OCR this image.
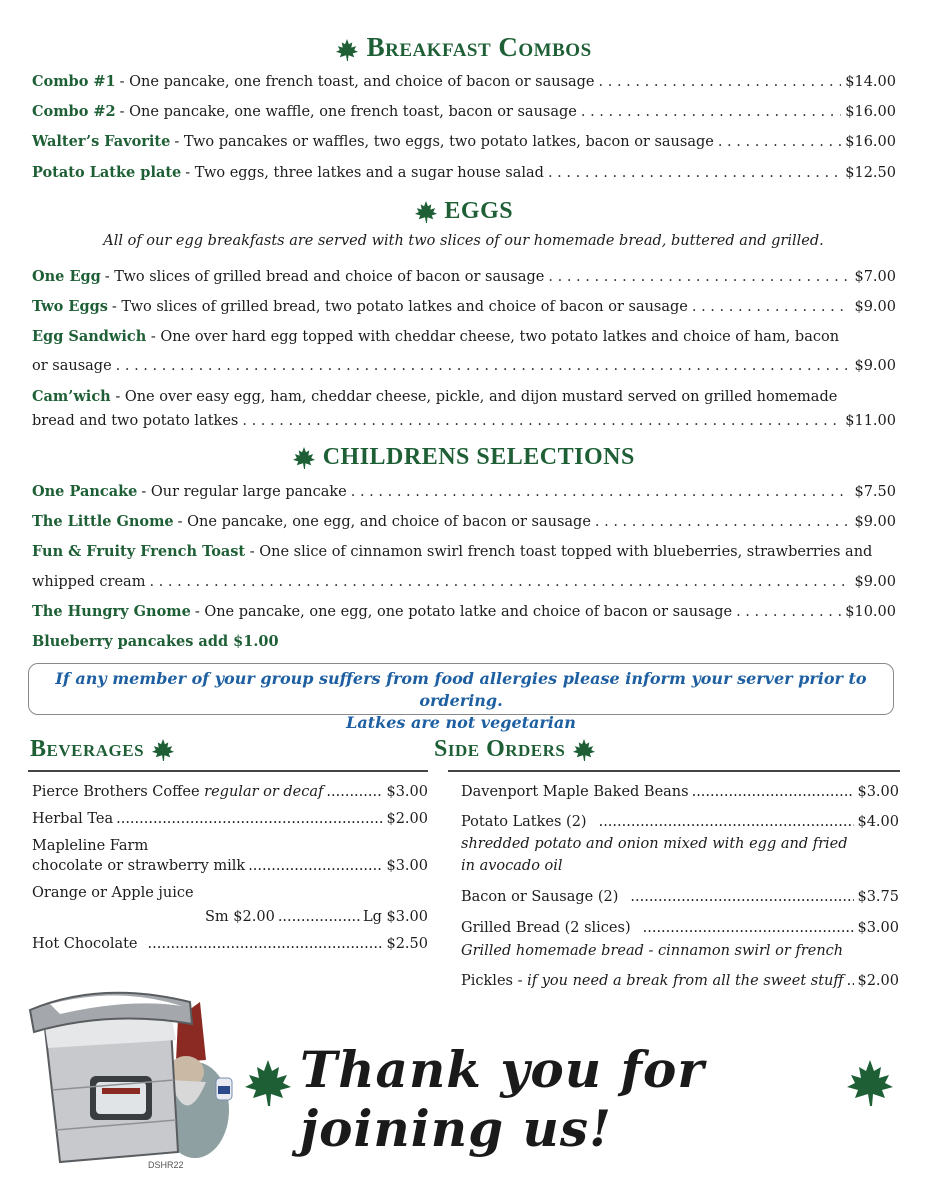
Breakfast Combos
Combo #1 - One pancake, one french toast, and choice of bacon or sausage . . .	$14.00
Combo #2 - One pancake, one waffle, one french toast, bacon or sausage . . .	$16.00
Walter’s Favorite - Two pancakes or waffles, two eggs, two potato latkes, bacon or sausage . . .	$16.00
Potato Latke plate - Two eggs, three latkes and a sugar house salad . . .	$12.50
EGGS
All of our egg breakfasts are served with two slices of our homemade bread, buttered and grilled.
One Egg - Two slices of grilled bread and choice of bacon or sausage . . .	$7.00
Two Eggs - Two slices of grilled bread, two potato latkes and choice of bacon or sausage . . .	$9.00
Egg Sandwich - One over hard egg topped with cheddar cheese, two potato latkes and choice of ham, bacon
or sausage . . .	$9.00
Cam’wich - One over easy egg, ham, cheddar cheese, pickle, and dijon mustard served on grilled homemade
bread and two potato latkes . . .	$11.00
CHILDRENS SELECTIONS
One Pancake - Our regular large pancake . . .	$7.50
The Little Gnome - One pancake, one egg, and choice of bacon or sausage . . .	$9.00
Fun & Fruity French Toast - One slice of cinnamon swirl french toast topped with blueberries, strawberries and
whipped cream . . .	$9.00
The Hungry Gnome - One pancake, one egg, one potato latke and choice of bacon or sausage . . .	$10.00
Blueberry pancakes add $1.00
If any member of your group suffers from food allergies please inform your server prior to ordering.
Latkes are not vegetarian
Beverages
Pierce Brothers Coffee
regular or decaf .....	$3.00
Herbal Tea .....	$2.00
Mapleline Farm
chocolate or strawberry milk .....	$3.00
Orange or Apple juice
Sm $2.00 .....	Lg $3.00
Hot Chocolate .....	$2.50
Side Orders
Davenport Maple Baked Beans .....	$3.00
Potato Latkes (2) .....	$4.00
shredded potato and onion mixed with egg and fried
in avocado oil
Bacon or Sausage (2) .....	$3.75
Grilled Bread (2 slices) .....	$3.00
Grilled homemade bread - cinnamon swirl or french
Pickles -
if you need a break from all the sweet stuff ..... $2.00
Thank you for joining us!
DSHR22
